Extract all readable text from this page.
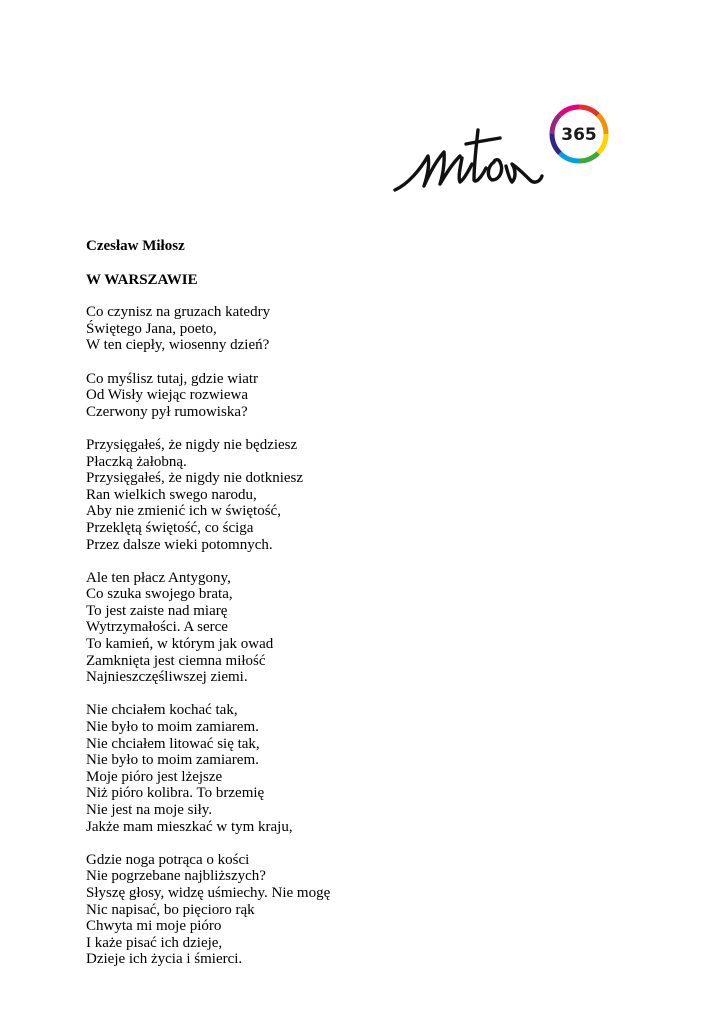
365
Czesław Miłosz
W WARSZAWIE
Co czynisz na gruzach katedry
Świętego Jana, poeto,
W ten ciepły, wiosenny dzień?
Co myślisz tutaj, gdzie wiatr
Od Wisły wiejąc rozwiewa
Czerwony pył rumowiska?
Przysięgałeś, że nigdy nie będziesz
Płaczką żałobną.
Przysięgałeś, że nigdy nie dotkniesz
Ran wielkich swego narodu,
Aby nie zmienić ich w świętość,
Przeklętą świętość, co ściga
Przez dalsze wieki potomnych.
Ale ten płacz Antygony,
Co szuka swojego brata,
To jest zaiste nad miarę
Wytrzymałości. A serce
To kamień, w którym jak owad
Zamknięta jest ciemna miłość
Najnieszczęśliwszej ziemi.
Nie chciałem kochać tak,
Nie było to moim zamiarem.
Nie chciałem litować się tak,
Nie było to moim zamiarem.
Moje pióro jest lżejsze
Niż pióro kolibra. To brzemię
Nie jest na moje siły.
Jakże mam mieszkać w tym kraju,
Gdzie noga potrąca o kości
Nie pogrzebane najbliższych?
Słyszę głosy, widzę uśmiechy. Nie mogę
Nic napisać, bo pięcioro rąk
Chwyta mi moje pióro
I każe pisać ich dzieje,
Dzieje ich życia i śmierci.
